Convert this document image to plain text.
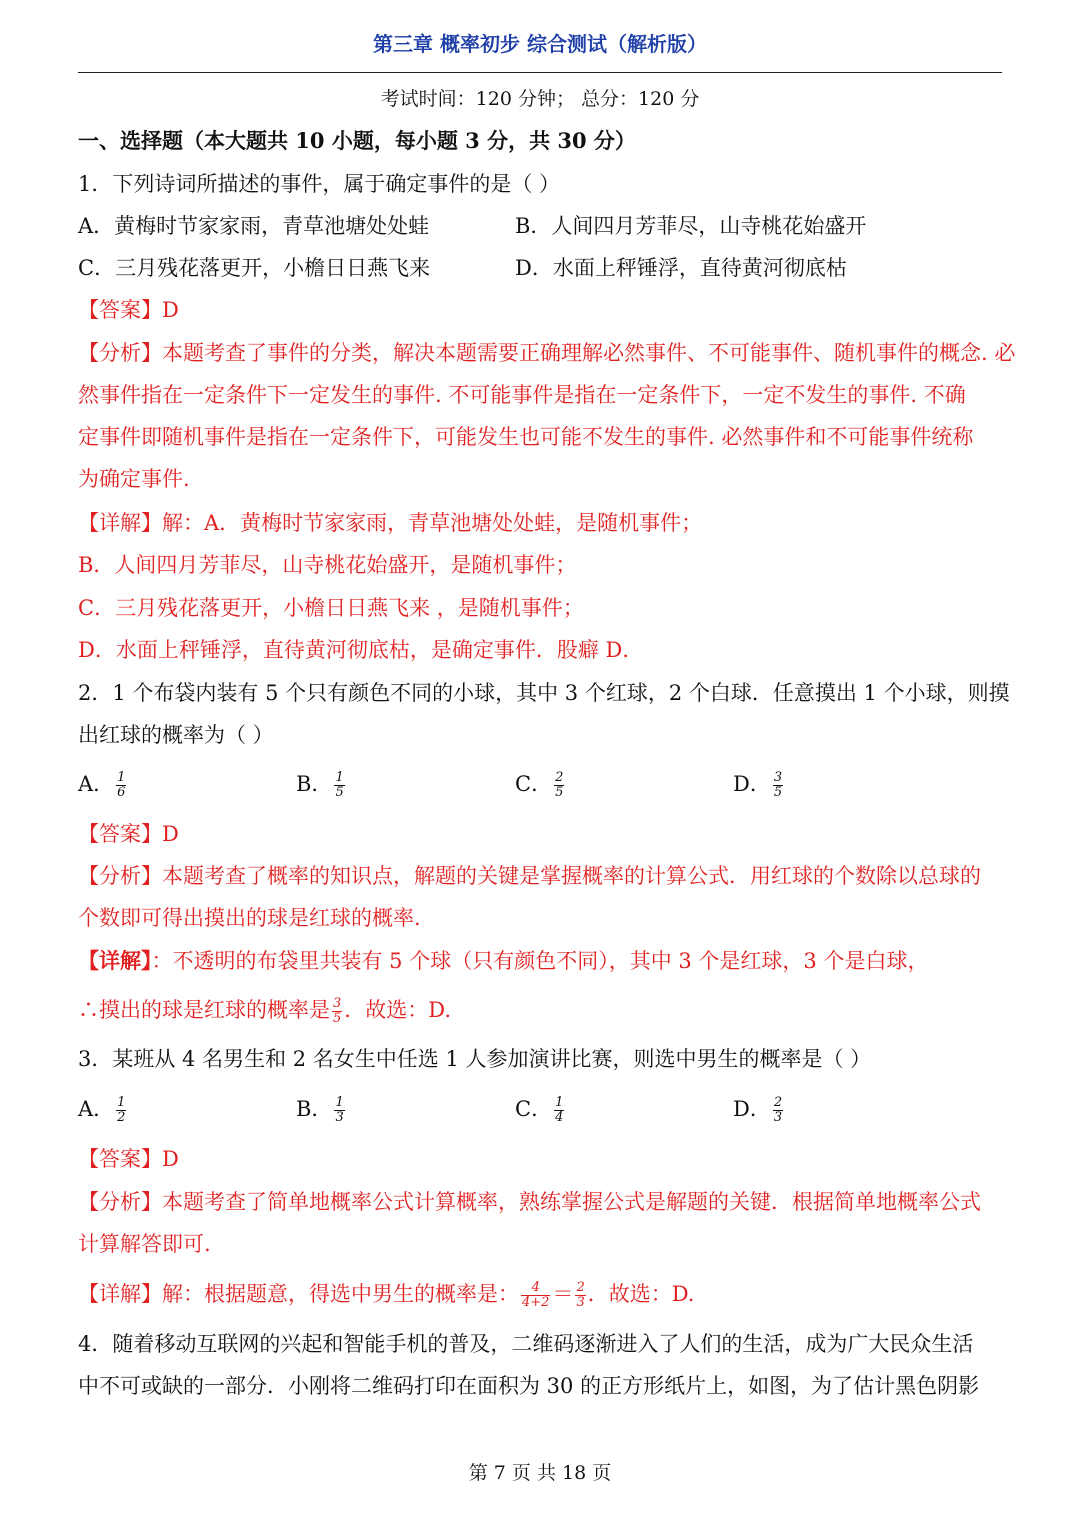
第三章 概率初步 综合测试（解析版）
考试时间：120 分钟； 总分：120 分
一、选择题（本大题共 10 小题，每小题 3 分，共 30 分）
1．下列诗词所描述的事件，属于确定事件的是（ ）
A．黄梅时节家家雨，青草池塘处处蛙	B．人间四月芳菲尽，山寺桃花始盛开
C．三月残花落更开，小檐日日燕飞来	D．水面上秤锤浮，直待黄河彻底枯
【答案】D
【分析】本题考查了事件的分类，解决本题需要正确理解必然事件、不可能事件、随机事件的概念. 必
然事件指在一定条件下一定发生的事件. 不可能事件是指在一定条件下，一定不发生的事件. 不确
定事件即随机事件是指在一定条件下，可能发生也可能不发生的事件. 必然事件和不可能事件统称
为确定事件.
【详解】解：A．黄梅时节家家雨，青草池塘处处蛙，是随机事件；
B．人间四月芳菲尽，山寺桃花始盛开，是随机事件；
C．三月残花落更开，小檐日日燕飞来 ，是随机事件；
D．水面上秤锤浮，直待黄河彻底枯，是确定事件．股癖 D．
2．1 个布袋内装有 5 个只有颜色不同的小球，其中 3 个红球，2 个白球．任意摸出 1 个小球，则摸
出红球的概率为（ ）
A． $\frac{1}{6}$	B． $\frac{1}{5}$	C． $\frac{2}{5}$	D． $\frac{3}{5}$
【答案】D
【分析】本题考查了概率的知识点，解题的关键是掌握概率的计算公式．用红球的个数除以总球的
个数即可得出摸出的球是红球的概率.
【详解】：不透明的布袋里共装有 5 个球（只有颜色不同），其中 3 个是红球，3 个是白球，
∴摸出的球是红球的概率是 $\frac{3}{5}$ ．故选：D.
3．某班从 4 名男生和 2 名女生中任选 1 人参加演讲比赛，则选中男生的概率是（ ）
A． $\frac{1}{2}$	B． $\frac{1}{3}$	C． $\frac{1}{4}$	D． $\frac{2}{3}$
【答案】D
【分析】本题考查了简单地概率公式计算概率，熟练掌握公式是解题的关键．根据简单地概率公式
计算解答即可.
【详解】解：根据题意，得选中男生的概率是： $\frac{4}{4+2} = \frac{2}{3}$ ．故选：D.
4．随着移动互联网的兴起和智能手机的普及，二维码逐渐进入了人们的生活，成为广大民众生活
中不可或缺的一部分．小刚将二维码打印在面积为 30 的正方形纸片上，如图，为了估计黑色阴影
第 7 页 共 18 页
